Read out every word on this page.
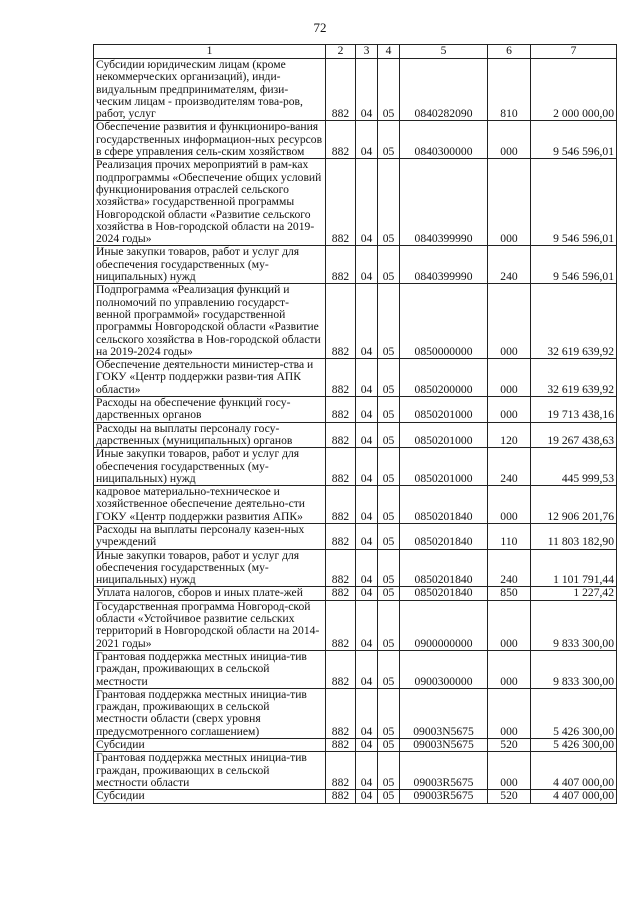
72
1	2	3	4	5	6	7
Субсидии юридическим лицам (кроме некоммерческих организаций), инди-видуальным предпринимателям, физи-ческим лицам - производителям това-ров, работ, услуг	882	04	05	0840282090	810	2 000 000,00
Обеспечение развития и функциониро-вания государственных информацион-ных ресурсов в сфере управления сель-ским хозяйством	882	04	05	0840300000	000	9 546 596,01
Реализация прочих мероприятий в рам-ках подпрограммы «Обеспечение общих условий функционирования отраслей сельского хозяйства» государственной программы Новгородской области «Развитие сельского хозяйства в Нов-городской области на 2019-2024 годы»	882	04	05	0840399990	000	9 546 596,01
Иные закупки товаров, работ и услуг для обеспечения государственных (му-ниципальных) нужд	882	04	05	0840399990	240	9 546 596,01
Подпрограмма «Реализация функций и полномочий по управлению государст-венной программой» государственной программы Новгородской области «Развитие сельского хозяйства в Нов-городской области на 2019-2024 годы»	882	04	05	0850000000	000	32 619 639,92
Обеспечение деятельности министер-ства и ГОКУ «Центр поддержки разви-тия АПК области»	882	04	05	0850200000	000	32 619 639,92
Расходы на обеспечение функций госу-дарственных органов	882	04	05	0850201000	000	19 713 438,16
Расходы на выплаты персоналу госу-дарственных (муниципальных) органов	882	04	05	0850201000	120	19 267 438,63
Иные закупки товаров, работ и услуг для обеспечения государственных (му-ниципальных) нужд	882	04	05	0850201000	240	445 999,53
кадровое материально-техническое и хозяйственное обеспечение деятельно-сти ГОКУ «Центр поддержки развития АПК»	882	04	05	0850201840	000	12 906 201,76
Расходы на выплаты персоналу казен-ных учреждений	882	04	05	0850201840	110	11 803 182,90
Иные закупки товаров, работ и услуг для обеспечения государственных (му-ниципальных) нужд	882	04	05	0850201840	240	1 101 791,44
Уплата налогов, сборов и иных плате-жей	882	04	05	0850201840	850	1 227,42
Государственная программа Новгород-ской области «Устойчивое развитие сельских территорий в Новгородской области на 2014-2021 годы»	882	04	05	0900000000	000	9 833 300,00
Грантовая поддержка местных инициа-тив граждан, проживающих в сельской местности	882	04	05	0900300000	000	9 833 300,00
Грантовая поддержка местных инициа-тив граждан, проживающих в сельской местности области (сверх уровня предусмотренного соглашением)	882	04	05	09003N5675	000	5 426 300,00
Субсидии	882	04	05	09003N5675	520	5 426 300,00
Грантовая поддержка местных инициа-тив граждан, проживающих в сельской местности области	882	04	05	09003R5675	000	4 407 000,00
Субсидии	882	04	05	09003R5675	520	4 407 000,00
